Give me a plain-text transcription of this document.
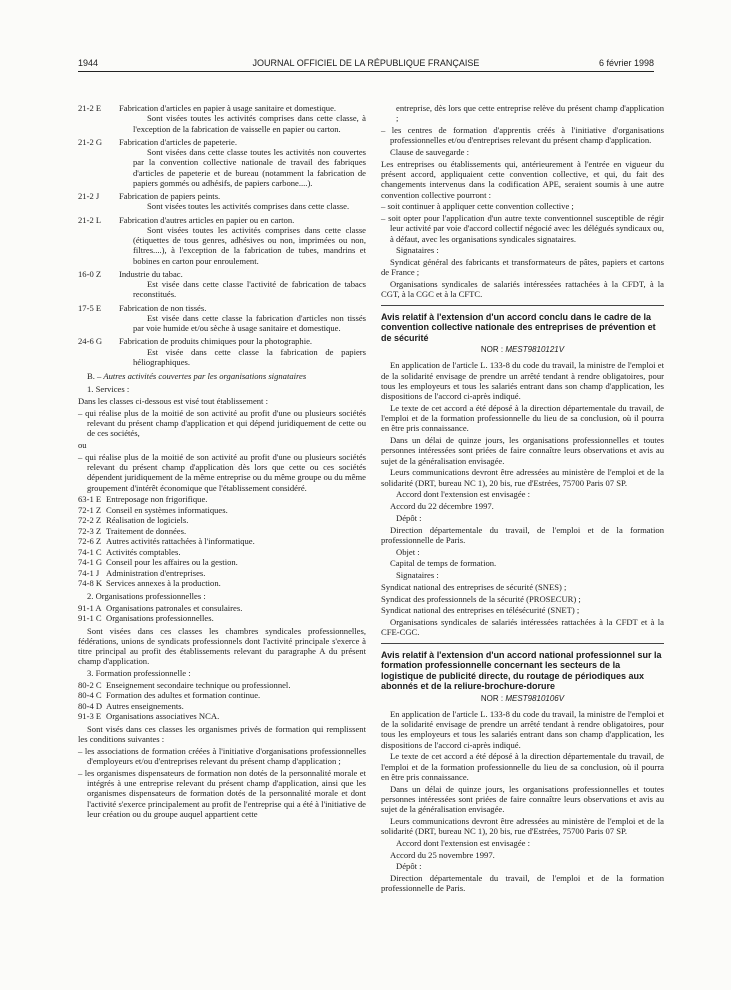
1944	JOURNAL OFFICIEL DE LA RÉPUBLIQUE FRANÇAISE	6 février 1998
21-2 E Fabrication d'articles en papier à usage sanitaire et domestique.
Sont visées toutes les activités comprises dans cette classe, à l'exception de la fabrication de vaisselle en papier ou carton.
21-2 G Fabrication d'articles de papeterie.
Sont visées dans cette classe toutes les activités non couvertes par la convention collective nationale de travail des fabriques d'articles de papeterie et de bureau (notamment la fabrication de papiers gommés ou adhésifs, de papiers carbone....).
21-2 J Fabrication de papiers peints.
Sont visées toutes les activités comprises dans cette classe.
21-2 L Fabrication d'autres articles en papier ou en carton.
Sont visées toutes les activités comprises dans cette classe (étiquettes de tous genres, adhésives ou non, imprimées ou non, filtres....), à l'exception de la fabrication de tubes, mandrins et bobines en carton pour enroulement.
16-0 Z Industrie du tabac.
Est visée dans cette classe l'activité de fabrication de tabacs reconstitués.
17-5 E Fabrication de non tissés.
Est visée dans cette classe la fabrication d'articles non tissés par voie humide et/ou sèche à usage sanitaire et domestique.
24-6 G Fabrication de produits chimiques pour la photographie.
Est visée dans cette classe la fabrication de papiers héliographiques.

B. – Autres activités couvertes par les organisations signataires

1. Services :

Dans les classes ci-dessous est visé tout établissement :

– qui réalise plus de la moitié de son activité au profit d'une ou plusieurs sociétés relevant du présent champ d'application et qui dépend juridiquement de cette ou de ces sociétés,

ou

– qui réalise plus de la moitié de son activité au profit d'une ou plusieurs sociétés relevant du présent champ d'application dès lors que cette ou ces sociétés dépendent juridiquement de la même entreprise ou du même groupe ou du même groupement d'intérêt économique que l'établissement considéré.

63-1 E Entreposage non frigorifique.
72-1 Z Conseil en systèmes informatiques.
72-2 Z Réalisation de logiciels.
72-3 Z Traitement de données.
72-6 Z Autres activités rattachées à l'informatique.
74-1 C Activités comptables.
74-1 G Conseil pour les affaires ou la gestion.
74-1 J Administration d'entreprises.
74-8 K Services annexes à la production.

2. Organisations professionnelles :

91-1 A Organisations patronales et consulaires.
91-1 C Organisations professionnelles.

Sont visées dans ces classes les chambres syndicales professionnelles, fédérations, unions de syndicats professionnels dont l'activité principale s'exerce à titre principal au profit des établissements relevant du paragraphe A du présent champ d'application.

3. Formation professionnelle :

80-2 C Enseignement secondaire technique ou professionnel.
80-4 C Formation des adultes et formation continue.
80-4 D Autres enseignements.
91-3 E Organisations associatives NCA.

Sont visés dans ces classes les organismes privés de formation qui remplissent les conditions suivantes :

– les associations de formation créées à l'initiative d'organisations professionnelles d'employeurs et/ou d'entreprises relevant du présent champ d'application ;

– les organismes dispensateurs de formation non dotés de la personnalité morale et intégrés à une entreprise relevant du présent champ d'application, ainsi que les organismes dispensateurs de formation dotés de la personnalité morale et dont l'activité s'exerce principalement au profit de l'entreprise qui a été à l'initiative de leur création ou du groupe auquel appartient cette

entreprise, dès lors que cette entreprise relève du présent champ d'application ;

– les centres de formation d'apprentis créés à l'initiative d'organisations professionnelles et/ou d'entreprises relevant du présent champ d'application.

Clause de sauvegarde :

Les entreprises ou établissements qui, antérieurement à l'entrée en vigueur du présent accord, appliquaient cette convention collective, et qui, du fait des changements intervenus dans la codification APE, seraient soumis à une autre convention collective pourront :

– soit continuer à appliquer cette convention collective ;

– soit opter pour l'application d'un autre texte conventionnel susceptible de régir leur activité par voie d'accord collectif négocié avec les délégués syndicaux ou, à défaut, avec les organisations syndicales signataires.

Signataires :

Syndicat général des fabricants et transformateurs de pâtes, papiers et cartons de France ;

Organisations syndicales de salariés intéressées rattachées à la CFDT, à la CGT, à la CGC et à la CFTC.

Avis relatif à l'extension d'un accord conclu dans le cadre de la convention collective nationale des entreprises de prévention et de sécurité
NOR : MEST9810121V

En application de l'article L. 133-8 du code du travail, la ministre de l'emploi et de la solidarité envisage de prendre un arrêté tendant à rendre obligatoires, pour tous les employeurs et tous les salariés entrant dans son champ d'application, les dispositions de l'accord ci-après indiqué.

Le texte de cet accord a été déposé à la direction départementale du travail, de l'emploi et de la formation professionnelle du lieu de sa conclusion, où il pourra en être pris connaissance.

Dans un délai de quinze jours, les organisations professionnelles et toutes personnes intéressées sont priées de faire connaître leurs observations et avis au sujet de la généralisation envisagée.

Leurs communications devront être adressées au ministère de l'emploi et de la solidarité (DRT, bureau NC 1), 20 bis, rue d'Estrées, 75700 Paris 07 SP.

Accord dont l'extension est envisagée :

Accord du 22 décembre 1997.

Dépôt :

Direction départementale du travail, de l'emploi et de la formation professionnelle de Paris.

Objet :

Capital de temps de formation.

Signataires :

Syndicat national des entreprises de sécurité (SNES) ;

Syndicat des professionnels de la sécurité (PROSECUR) ;

Syndicat national des entreprises en télésécurité (SNET) ;

Organisations syndicales de salariés intéressées rattachées à la CFDT et à la CFE-CGC.

Avis relatif à l'extension d'un accord national professionnel sur la formation professionnelle concernant les secteurs de la logistique de publicité directe, du routage de périodiques aux abonnés et de la reliure-brochure-dorure
NOR : MEST9810106V

En application de l'article L. 133-8 du code du travail, la ministre de l'emploi et de la solidarité envisage de prendre un arrêté tendant à rendre obligatoires, pour tous les employeurs et tous les salariés entrant dans son champ d'application, les dispositions de l'accord ci-après indiqué.

Le texte de cet accord a été déposé à la direction départementale du travail, de l'emploi et de la formation professionnelle du lieu de sa conclusion, où il pourra en être pris connaissance.

Dans un délai de quinze jours, les organisations professionnelles et toutes personnes intéressées sont priées de faire connaître leurs observations et avis au sujet de la généralisation envisagée.

Leurs communications devront être adressées au ministère de l'emploi et de la solidarité (DRT, bureau NC 1), 20 bis, rue d'Estrées, 75700 Paris 07 SP.

Accord dont l'extension est envisagée :

Accord du 25 novembre 1997.

Dépôt :

Direction départementale du travail, de l'emploi et de la formation professionnelle de Paris.
